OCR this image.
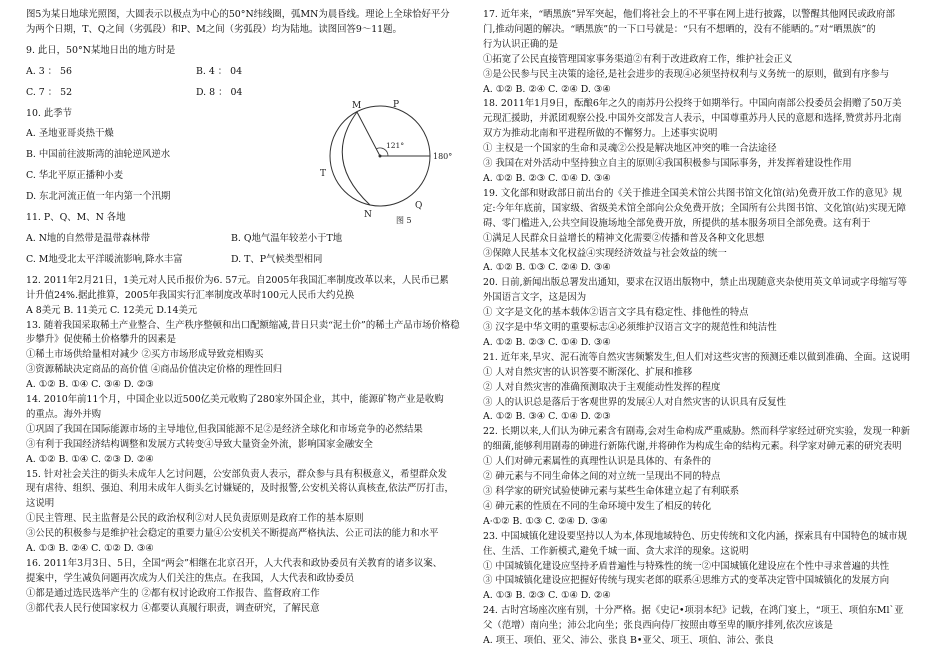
图5为某日地球光照图，大圆表示以极点为中心的50°N纬线圈，弧MN为晨昏线。理论上全球恰好平分
为两个日期，T、Q之间（劣弧段）和P、M之间（劣弧段）均为陆地。读图回答9～11题。
9. 此日，50°N某地日出的地方时是
A. 3 ： 56	B. 4 ： 04
C. 7 ： 52	D. 8 ： 04
10. 此季节
A. 圣地亚哥炎热干燥
B. 中国前往波斯湾的油轮逆风逆水
C. 华北平原正播种小麦
D. 东北河流正值一年内第一个汛期
11. P、Q、M、N 各地
A. N地的自然带是温带森林带	B. Q地气温年较差小于T地
C. M地受北太平洋暖流影响,降水丰富	D. T、P气候类型相同
12. 2011年2月21日，1美元对人民币报价为6. 57元。自2005年我国汇率制度改革以来，人民币已累
计升值24%.据此推算，2005年我国实行汇率制度改革时100元人民币大约兑换
A 8美元 B. 11美元 C. 12美元 D.14美元
13. 随着我国采取稀土产业整合、生产秩序整顿和出口配额缩减,昔日只卖“泥土价”的稀土产品市场价格稳
步攀升》促使稀土价格攀升的因素是
①稀土市场供给量相对减少 ②买方市场形成导致竞相购买
③资源稀缺决定商品的高价值 ④商品价值决定价格的理性回归
A. ①② B. ①④ C. ③④ D. ②③
14. 2010年前11个月，中国企业以近500亿美元收购了280家外国企业，其中，能源矿物产业是收购
的重点。海外并购
①巩固了我国在国际能源市场的主导地位,但我国能源不足②是经济全球化和市场竞争的必然结果
③有利于我国经济结构调整和发展方式转变④导致大量资金外流，影响国家金融安全
A. ①② B. ①④ C. ②③ D. ②④
15. 针对社会关注的街头未成年人乞讨问题，公安部负责人表示，群众参与具有积极意义，希望群众发
现有虐待、组织、强迫、利用未成年人街头乞讨嫌疑的，及时报警,公安机关将认真核查,依法严厉打击，
这说明
①民主管理、民主监督是公民的政治权利②对人民负责原则是政府工作的基本原则
③公民的积极参与是维护社会稳定的重要力量④公安机关不断提高严格执法、公正司法的能力和水平
A. ①③ B. ②④ C. ①② D. ③④
16. 2011年3月3日、5日，全国“两会”相继在北京召开，人大代表和政协委员有关教育的诸多议案、
提案中，学生减负问题再次成为人们关注的焦点。在我国，人大代表和政协委员
①都是通过选民选举产生的 ②都有权讨论政府工作报告、监督政府工作
③都代表人民行使国家权力 ④都要认真履行职责，调查研究，了解民意
121°
M	P
T
Q
N
180°
图 5
17. 近年来，“晒黑族”异军突起，他们将社会上的不平事在网上进行披露，以警醒其他网民或政府部
门,推动问题的解决。“晒黑族”的一下口号就是：“只有不想晒的，没有不能晒的。”对“晒黑族”的
行为认识正确的是
①拓宽了公民直接管理国家事务渠道②有利于改进政府工作，维护社会正义
③是公民参与民主决策的途径,是社会进步的表现④必须坚持权利与义务统一的原则，做到有序参与
A. ①② B. ②④ C. ②④ D. ③④
18. 2011年1月9日，酝酿6年之久的南苏丹公投终于如期举行。中国向南部公投委员会捐赠了50万美
元现汇援助，并派团观察公投.中国外交部发言人表示，中国尊重苏丹人民的意愿和选择,赞赏苏丹北南
双方为推动北南和平进程所做的不懈努力。上述事实说明
① 主权是一个国家的生命和灵魂②公投是解决地区冲突的唯一合法途径
③ 我国在对外活动中坚持独立自主的原则④我国积极参与国际事务，并发挥着建设性作用
A. ①② B. ②③ C. ①④ D. ③④
19. 文化部和财政部日前出台的《关于推进全国美术馆公共图书馆文化馆(站)免费开放工作的意见》规
定:今年年底前，国家级、省级美术馆全部向公众免费开放；全国所有公共图书馆、文化馆(站)实现无障
碍、零门槛进入,公共空间设施场地全部免费开放，所提供的基本服务项目全部免费。这有利于
①满足人民群众日益增长的精神文化需要②传播和普及各种文化思想
③保障人民基本文化权益④实现经济效益与社会效益的统一
A. ①② B. ①③ C. ②④ D. ③④
20. 日前,新闻出版总署发出通知，要求在汉语出版物中，禁止出现随意夹杂使用英文单词或字母缩写等
外国语言文字，这是因为
① 文字是文化的基本载体②语言文字具有稳定性、排他性的特点
③ 汉字是中华文明的重要标志④必须维护汉语言文字的规范性和纯洁性
A. ①② B. ②③ C. ①④ D. ③④
21. 近年来,旱灾、泥石流等自然灾害频繁发生,但人们对这些灾害的预测还难以做到准确、全面。这说明
① 人对自然灾害的认识答要不断深化、扩展和推移
② 人对自然灾害的准确预测取决于主观能动性发挥的程度
③ 人的认识总是落后于客观世界的发展④人对自然灾害的认识具有反复性
A. ①② B. ③④ C. ①④ D. ②③
22. 长期以来,人们认为砷元素含有剧毒,会对生命构成严重威胁。然而科学家经过研究实验，发现一种新
的细菌,能够利用剧毒的砷进行新陈代谢,并将砷作为构成生命的结构元素。科学家对砷元素的研究表明
① 人们对砷元素属性的真理性认识是具体的、有条件的
② 砷元素与不同生命体之间的对立统一呈现出不同的特点
③ 科学家的研究试验使砷元素与某些生命体建立起了有利联系
④ 砷元素的性质在不同的生命环境中发生了相反的转化
A·①② B. ①③ C. ②④ D. ③④
23. 中国城镇化建设要坚持以人为本,体现地域特色、历史传统和文化内涵，探索具有中国特色的城市规
住、生活、工作新模式,避免千城一面、贪大求洋的现象。这说明
① 中国城镇化建设应坚持矛盾普遍性与特殊性的统一②中国城镇化建设应在个性中寻求普遍的共性
③ 中国城镇化建设应把握好传统与现实老郎的联系④思维方式的变革决定管中国城镇化的发展方向
A. ①③ B. ②③ C. ①④ D. ②④
24. 古时宫场座次座有别，十分严格。据《史记•项羽本纪》记载，在鸿门宴上，“项王、项伯东Ml`亚
父（范增）南向坐；沛公北向坐；张良西向侍厂按照由尊至卑的顺序排列,依次应该是
A. 项王、项伯、亚父、沛公、张良 B•亚父、项王、项伯、沛公、张良
